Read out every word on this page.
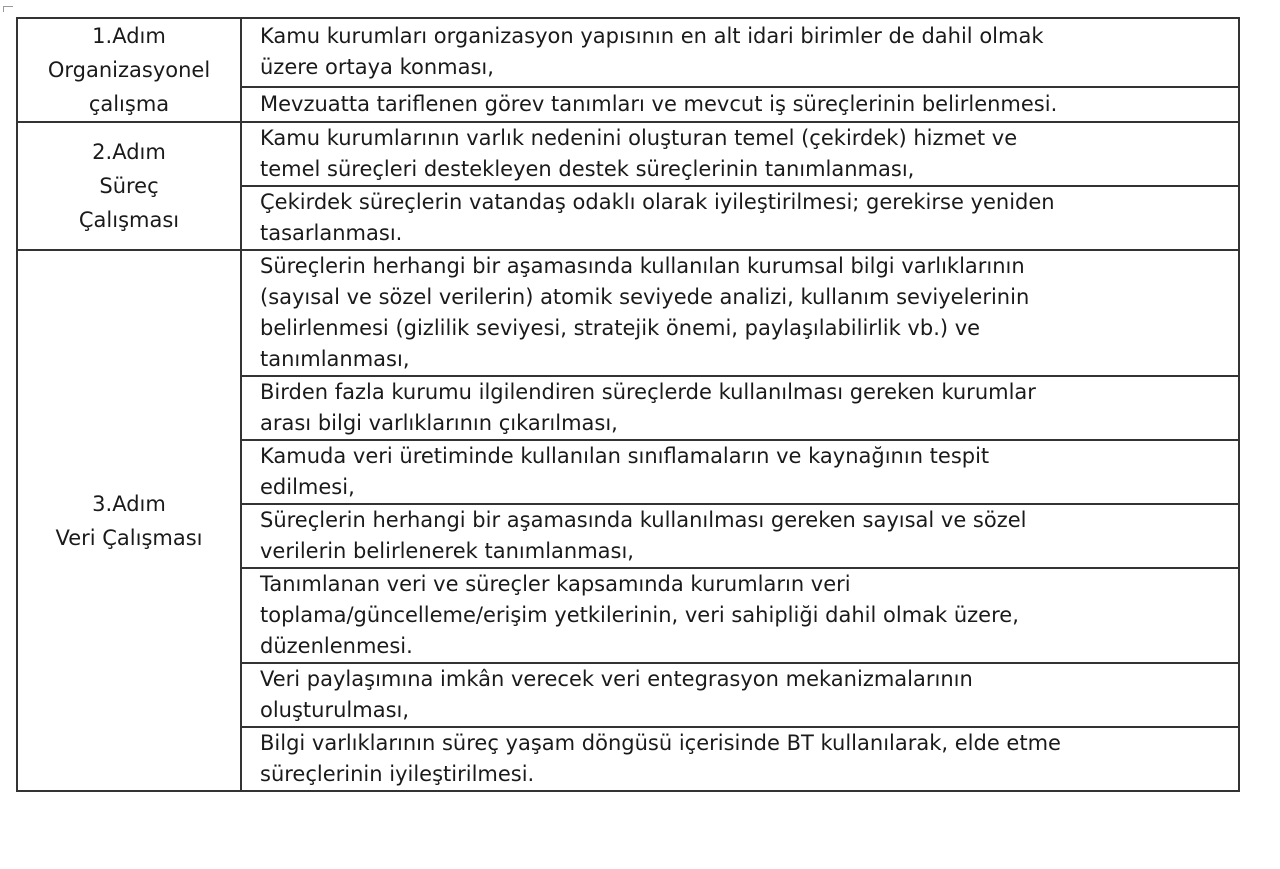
1.Adım
Organizasyonel
çalışma	Kamu kurumları organizasyon yapısının en alt idari birimler de dahil olmak
üzere ortaya konması,

	Mevzuatta tariflenen görev tanımları ve mevcut iş süreçlerinin belirlenmesi.

2.Adım
Süreç
Çalışması	Kamu kurumlarının varlık nedenini oluşturan temel (çekirdek) hizmet ve
temel süreçleri destekleyen destek süreçlerinin tanımlanması,

	Çekirdek süreçlerin vatandaş odaklı olarak iyileştirilmesi; gerekirse yeniden
tasarlanması.

3.Adım
Veri Çalışması	Süreçlerin herhangi bir aşamasında kullanılan kurumsal bilgi varlıklarının
(sayısal ve sözel verilerin) atomik seviyede analizi, kullanım seviyelerinin
belirlenmesi (gizlilik seviyesi, stratejik önemi, paylaşılabilirlik vb.) ve
tanımlanması,

	Birden fazla kurumu ilgilendiren süreçlerde kullanılması gereken kurumlar
arası bilgi varlıklarının çıkarılması,

	Kamuda veri üretiminde kullanılan sınıflamaların ve kaynağının tespit
edilmesi,

	Süreçlerin herhangi bir aşamasında kullanılması gereken sayısal ve sözel
verilerin belirlenerek tanımlanması,

	Tanımlanan veri ve süreçler kapsamında kurumların veri
toplama/güncelleme/erişim yetkilerinin, veri sahipliği dahil olmak üzere,
düzenlenmesi.

	Veri paylaşımına imkân verecek veri entegrasyon mekanizmalarının
oluşturulması,

	Bilgi varlıklarının süreç yaşam döngüsü içerisinde BT kullanılarak, elde etme
süreçlerinin iyileştirilmesi.
